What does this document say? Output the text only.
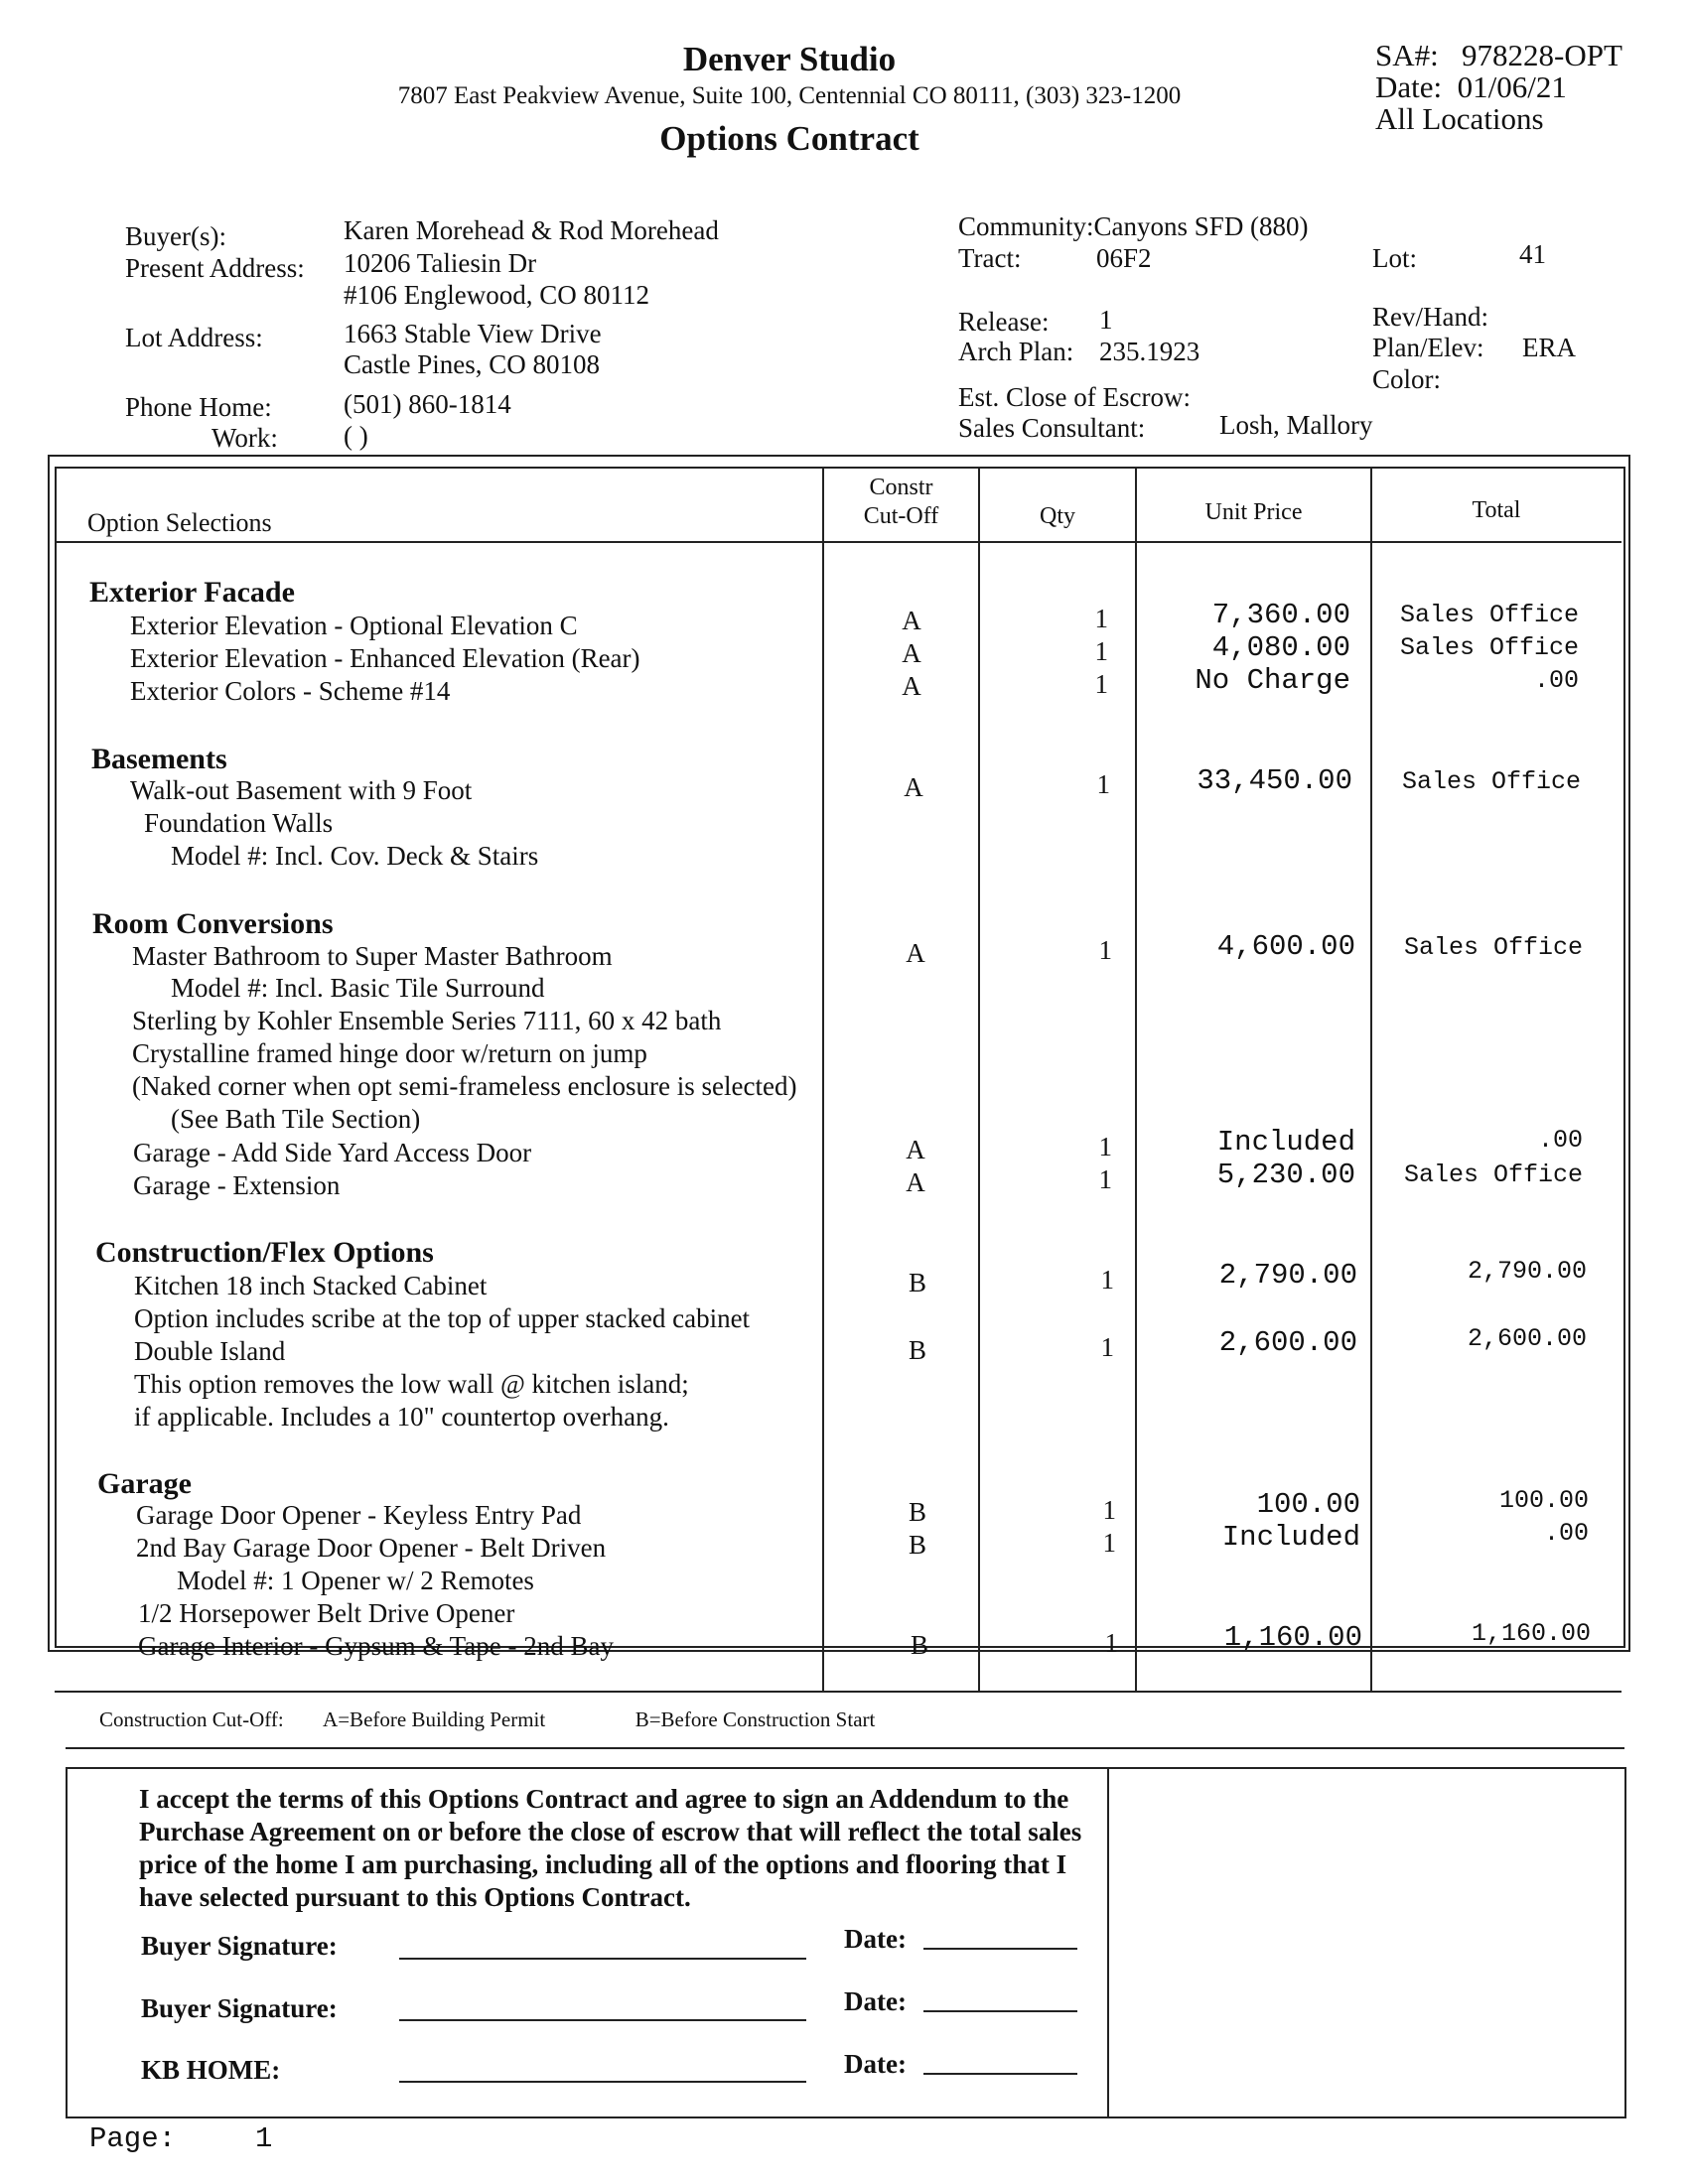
Denver Studio
7807 East Peakview Avenue, Suite 100, Centennial CO 80111, (303) 323-1200
Options Contract
SA#: 978228-OPT
Date: 01/06/21
All Locations
Buyer(s):	Karen Morehead & Rod Morehead
Present Address: 10206 Taliesin Dr
#106 Englewood, CO 80112
Lot Address:	1663 Stable View Drive
Castle Pines, CO 80108
Phone Home:	(501) 860-1814
Work: ( )
Community:Canyons SFD (880)
Tract:	06F2	Lot:	41
Release: 1
Arch Plan: 235.1923
Rev/Hand:
Plan/Elev: ERA
Color:
Est. Close of Escrow:
Sales Consultant:	Losh, Mallory
Option Selections
Constr
Cut-Off	Qty	Unit Price	Total
Exterior Facade
Exterior Elevation - Optional Elevation C	A	1	7,360.00	Sales Office
Exterior Elevation - Enhanced Elevation (Rear)	A	1	4,080.00	Sales Office
Exterior Colors - Scheme #14	A	1	No Charge	.00
Basements
Walk-out Basement with 9 Foot	A	1	33,450.00	Sales Office
Foundation Walls
Model #: Incl. Cov. Deck & Stairs
Room Conversions
Master Bathroom to Super Master Bathroom	A	1	4,600.00	Sales Office
Model #: Incl. Basic Tile Surround
Sterling by Kohler Ensemble Series 7111, 60 x 42 bath
Crystalline framed hinge door w/return on jump
(Naked corner when opt semi-frameless enclosure is selected)
(See Bath Tile Section)
Garage - Add Side Yard Access Door	A	1	Included	.00
Garage - Extension	A	1	5,230.00	Sales Office
Construction/Flex Options
Kitchen 18 inch Stacked Cabinet	B	1	2,790.00	2,790.00
Option includes scribe at the top of upper stacked cabinet
Double Island	B	1	2,600.00	2,600.00
This option removes the low wall @ kitchen island;
if applicable. Includes a 10" countertop overhang.
Garage
Garage Door Opener - Keyless Entry Pad	B	1	100.00	100.00
2nd Bay Garage Door Opener - Belt Driven	B	1	Included	.00
Model #: 1 Opener w/ 2 Remotes
1/2 Horsepower Belt Drive Opener
Garage Interior - Gypsum & Tape - 2nd Bay	B	1	1,160.00	1,160.00
Construction Cut-Off: A=Before Building Permit	B=Before Construction Start
I accept the terms of this Options Contract and agree to sign an Addendum to the Purchase Agreement on or before the close of escrow that will reflect the total sales price of the home I am purchasing, including all of the options and flooring that I have selected pursuant to this Options Contract.
Buyer Signature:	Date:
Buyer Signature:	Date:
KB HOME:	Date:
Page:	1
